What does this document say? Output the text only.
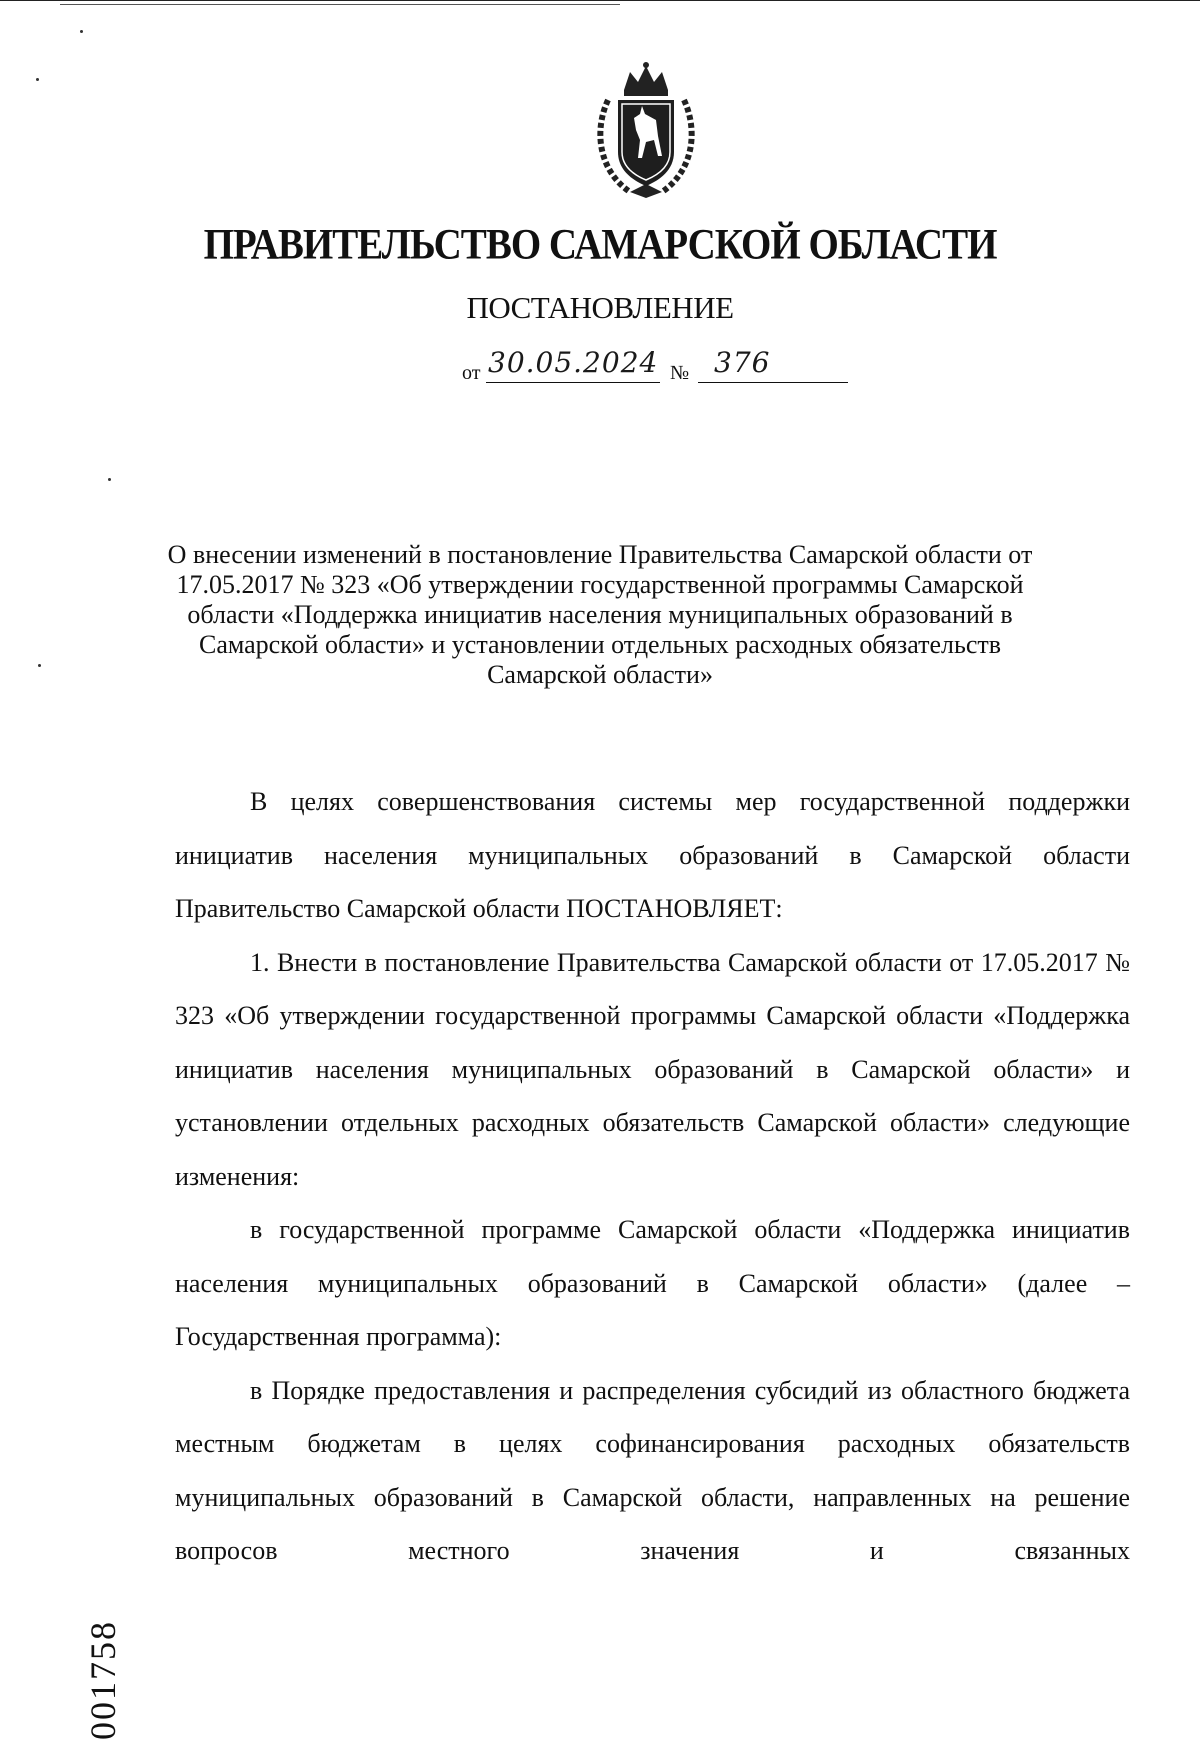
ПРАВИТЕЛЬСТВО САМАРСКОЙ ОБЛАСТИ
ПОСТАНОВЛЕНИЕ
от 30.05.2024 № 376
О внесении изменений в постановление Правительства Самарской области от 17.05.2017 № 323 «Об утверждении государственной программы Самарской области «Поддержка инициатив населения муниципальных образований в Самарской области» и установлении отдельных расходных обязательств Самарской области»

В целях совершенствования системы мер государственной поддержки инициатив населения муниципальных образований в Самарской области Правительство Самарской области ПОСТАНОВЛЯЕТ:

1. Внести в постановление Правительства Самарской области от 17.05.2017 № 323 «Об утверждении государственной программы Самарской области «Поддержка инициатив населения муниципальных образований в Самарской области» и установлении отдельных расходных обязательств Самарской области» следующие изменения:

в государственной программе Самарской области «Поддержка инициатив населения муниципальных образований в Самарской области» (далее – Государственная программа):

в Порядке предоставления и распределения субсидий из областного бюджета местным бюджетам в целях софинансирования расходных обязательств муниципальных образований в Самарской области, направленных на решение вопросов местного значения и связанных

001758
